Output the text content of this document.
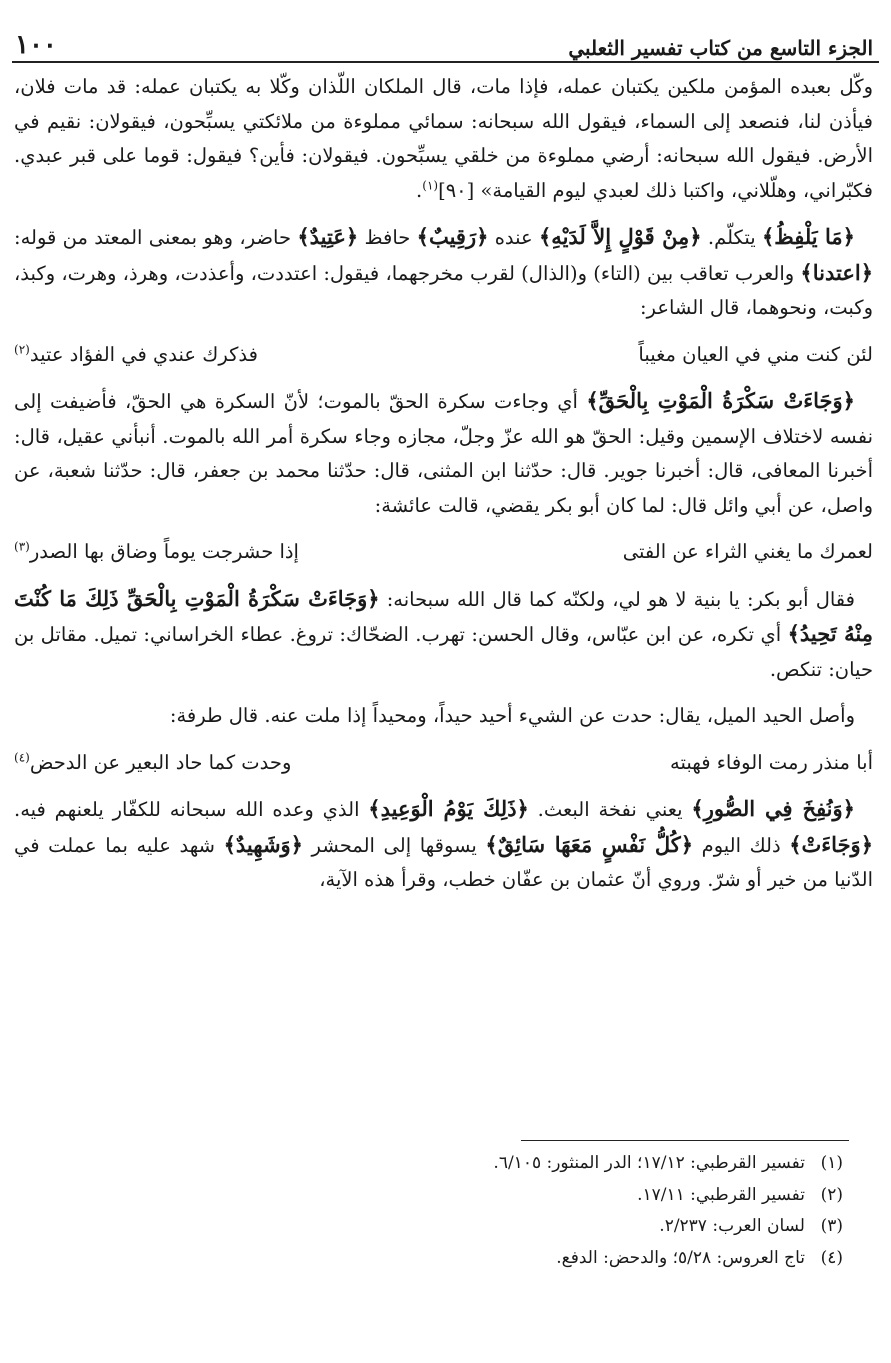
الجزء التاسع من كتاب تفسير الثعلبي
١٠٠

وكّل بعبده المؤمن ملكين يكتبان عمله، فإذا مات، قال الملكان اللّذان وكّلا به يكتبان عمله: قد مات فلان، فيأذن لنا، فنصعد إلى السماء، فيقول الله سبحانه: سمائي مملوءة من ملائكتي يسبِّحون، فيقولان: نقيم في الأرض. فيقول الله سبحانه: أرضي مملوءة من خلقي يسبِّحون. فيقولان: فأين؟ فيقول: قوما على قبر عبدي. فكبّراني، وهلّلاني، واكتبا ذلك لعبدي ليوم القيامة» [٩٠]$^{(١)}$.

﴿مَا يَلْفِظُ﴾ يتكلّم. ﴿مِنْ قَوْلٍ إِلاَّ لَدَيْهِ﴾ عنده ﴿رَقِيبٌ﴾ حافظ ﴿عَتِيدٌ﴾ حاضر، وهو بمعنى المعتد من قوله: ﴿اعتدنا﴾ والعرب تعاقب بين (التاء) و(الذال) لقرب مخرجهما، فيقول: اعتددت، وأعذدت، وهرذ، وهرت، وكبذ، وكبت، ونحوهما، قال الشاعر:

لئن كنت مني في العيان مغيباً
فذكرك عندي في الفؤاد عتيد$^{(٢)}$

﴿وَجَاءَتْ سَكْرَةُ الْمَوْتِ بِالْحَقِّ﴾ أي وجاءت سكرة الحقّ بالموت؛ لأنّ السكرة هي الحقّ، فأضيفت إلى نفسه لاختلاف الإسمين وقيل: الحقّ هو الله عزّ وجلّ، مجازه وجاء سكرة أمر الله بالموت. أنبأني عقيل، قال: أخبرنا المعافى، قال: أخبرنا جوير. قال: حدّثنا ابن المثنى، قال: حدّثنا محمد بن جعفر، قال: حدّثنا شعبة، عن واصل، عن أبي وائل قال: لما كان أبو بكر يقضي، قالت عائشة:

لعمرك ما يغني الثراء عن الفتى
إذا حشرجت يوماً وضاق بها الصدر$^{(٣)}$

فقال أبو بكر: يا بنية لا هو لي، ولكنّه كما قال الله سبحانه: ﴿وَجَاءَتْ سَكْرَةُ الْمَوْتِ بِالْحَقِّ ذَلِكَ مَا كُنْتَ مِنْهُ تَحِيدُ﴾ أي تكره، عن ابن عبّاس، وقال الحسن: تهرب. الضحّاك: تروغ. عطاء الخراساني: تميل. مقاتل بن حيان: تنكص.

وأصل الحيد الميل، يقال: حدت عن الشيء أحيد حيداً، ومحيداً إذا ملت عنه. قال طرفة:

أبا منذر رمت الوفاء فهبته
وحدت كما حاد البعير عن الدحض$^{(٤)}$

﴿وَنُفِخَ فِي الصُّورِ﴾ يعني نفخة البعث. ﴿ذَلِكَ يَوْمُ الْوَعِيدِ﴾ الذي وعده الله سبحانه للكفّار يلعنهم فيه. ﴿وَجَاءَتْ﴾ ذلك اليوم ﴿كُلُّ نَفْسٍ مَعَهَا سَائِقٌ﴾ يسوقها إلى المحشر ﴿وَشَهِيدٌ﴾ شهد عليه بما عملت في الدّنيا من خير أو شرّ. وروي أنّ عثمان بن عفّان خطب، وقرأ هذه الآية،

(١)
تفسير القرطبي: ١٧/١٢؛ الدر المنثور: ٦/١٠٥.
(٢)
تفسير القرطبي: ١٧/١١.
(٣)
لسان العرب: ٢/٢٣٧.
(٤)
تاج العروس: ٥/٢٨؛ والدحض: الدفع.
